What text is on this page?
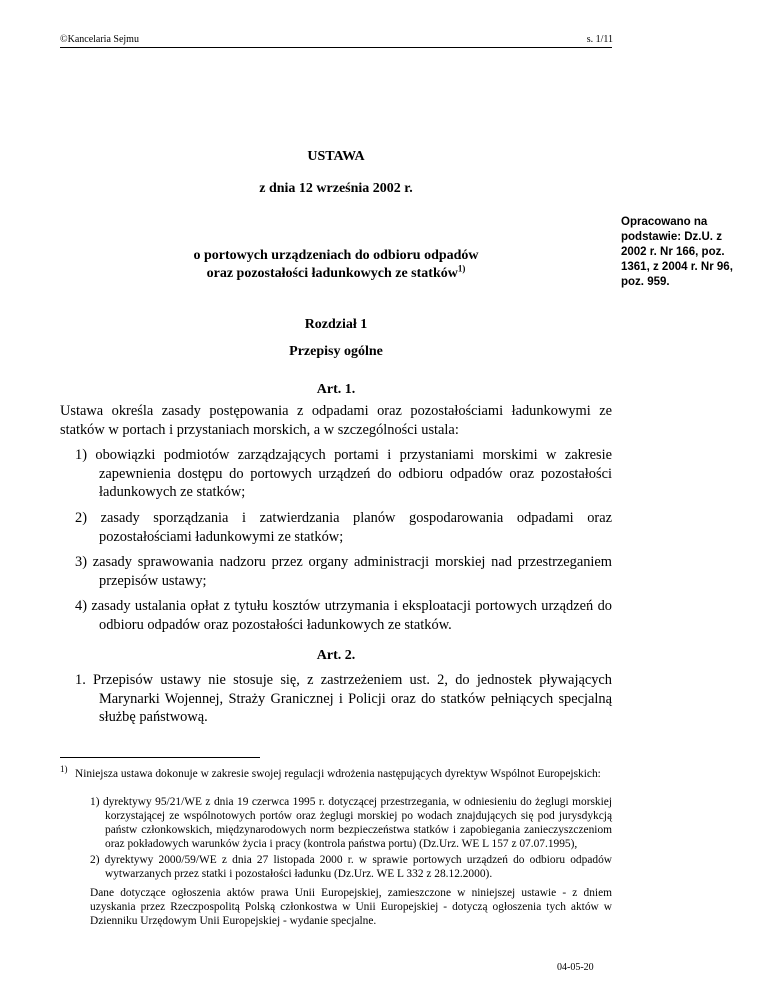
©Kancelaria Sejmu	s. 1/11
USTAWA
z dnia 12 września 2002 r.
o portowych urządzeniach do odbioru odpadów
oraz pozostałości ładunkowych ze statków$^{1)}$
Opracowano na podstawie: Dz.U. z 2002 r. Nr 166, poz. 1361, z 2004 r. Nr 96, poz. 959.
Rozdział 1
Przepisy ogólne
Art. 1.
Ustawa określa zasady postępowania z odpadami oraz pozostałościami ładunkowymi ze statków w portach i przystaniach morskich, a w szczególności ustala:
1) obowiązki podmiotów zarządzających portami i przystaniami morskimi w zakresie zapewnienia dostępu do portowych urządzeń do odbioru odpadów oraz pozostałości ładunkowych ze statków;
2) zasady sporządzania i zatwierdzania planów gospodarowania odpadami oraz pozostałościami ładunkowymi ze statków;
3) zasady sprawowania nadzoru przez organy administracji morskiej nad przestrzeganiem przepisów ustawy;
4) zasady ustalania opłat z tytułu kosztów utrzymania i eksploatacji portowych urządzeń do odbioru odpadów oraz pozostałości ładunkowych ze statków.
Art. 2.
1. Przepisów ustawy nie stosuje się, z zastrzeżeniem ust. 2, do jednostek pływających Marynarki Wojennej, Straży Granicznej i Policji oraz do statków pełniących specjalną służbę państwową.
1) Niniejsza ustawa dokonuje w zakresie swojej regulacji wdrożenia następujących dyrektyw Wspólnot Europejskich:
1) dyrektywy 95/21/WE z dnia 19 czerwca 1995 r. dotyczącej przestrzegania, w odniesieniu do żeglugi morskiej korzystającej ze wspólnotowych portów oraz żeglugi morskiej po wodach znajdujących się pod jurysdykcją państw członkowskich, międzynarodowych norm bezpieczeństwa statków i zapobiegania zanieczyszczeniom oraz pokładowych warunków życia i pracy (kontrola państwa portu) (Dz.Urz. WE L 157 z 07.07.1995),
2) dyrektywy 2000/59/WE z dnia 27 listopada 2000 r. w sprawie portowych urządzeń do odbioru odpadów wytwarzanych przez statki i pozostałości ładunku (Dz.Urz. WE L 332 z 28.12.2000).
Dane dotyczące ogłoszenia aktów prawa Unii Europejskiej, zamieszczone w niniejszej ustawie - z dniem uzyskania przez Rzeczpospolitą Polską członkostwa w Unii Europejskiej - dotyczą ogłoszenia tych aktów w Dzienniku Urzędowym Unii Europejskiej - wydanie specjalne.
04-05-20
